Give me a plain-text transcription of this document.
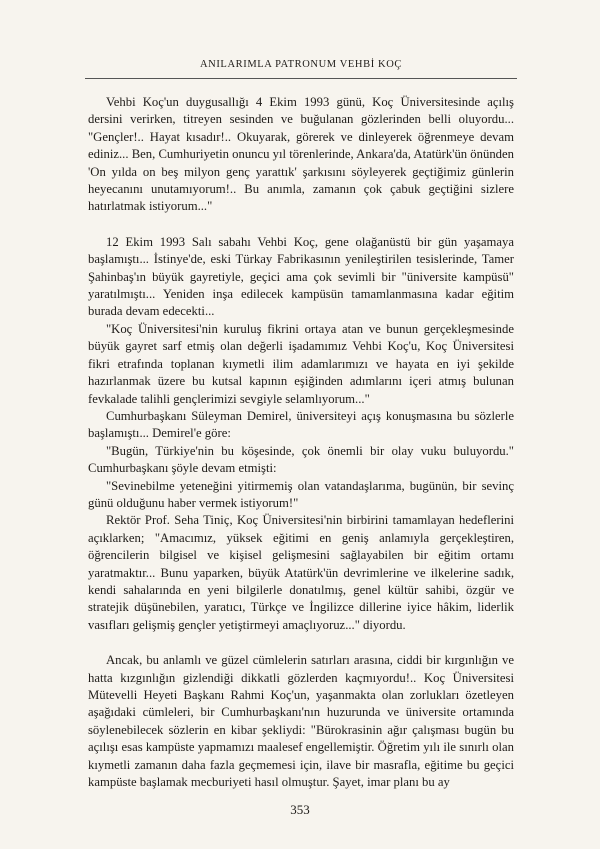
ANILARIMLA PATRONUM VEHBİ KOÇ

Vehbi Koç'un duygusallığı 4 Ekim 1993 günü, Koç Üniversitesinde açılış dersini verirken, titreyen sesinden ve buğulanan gözlerinden belli oluyordu... "Gençler!.. Hayat kısadır!.. Okuyarak, görerek ve dinleyerek öğrenmeye devam ediniz... Ben, Cumhuriyetin onuncu yıl törenlerinde, Ankara'da, Atatürk'ün önünden 'On yılda on beş milyon genç yarattık' şarkısını söyleyerek geçtiğimiz günlerin heyecanını unutamıyorum!.. Bu anımla, zamanın çok çabuk geçtiğini sizlere hatırlatmak istiyorum..."

12 Ekim 1993 Salı sabahı Vehbi Koç, gene olağanüstü bir gün yaşamaya başlamıştı... İstinye'de, eski Türkay Fabrikasının yenileştirilen tesislerinde, Tamer Şahinbaş'ın büyük gayretiyle, geçici ama çok sevimli bir "üniversite kampüsü" yaratılmıştı... Yeniden inşa edilecek kampüsün tamamlanmasına kadar eğitim burada devam edecekti...

"Koç Üniversitesi'nin kuruluş fikrini ortaya atan ve bunun gerçekleşmesinde büyük gayret sarf etmiş olan değerli işadamımız Vehbi Koç'u, Koç Üniversitesi fikri etrafında toplanan kıymetli ilim adamlarımızı ve hayata en iyi şekilde hazırlanmak üzere bu kutsal kapının eşiğinden adımlarını içeri atmış bulunan fevkalade talihli gençlerimizi sevgiyle selamlıyorum..."

Cumhurbaşkanı Süleyman Demirel, üniversiteyi açış konuşmasına bu sözlerle başlamıştı... Demirel'e göre:

"Bugün, Türkiye'nin bu köşesinde, çok önemli bir olay vuku buluyordu." Cumhurbaşkanı şöyle devam etmişti:

"Sevinebilme yeteneğini yitirmemiş olan vatandaşlarıma, bugünün, bir sevinç günü olduğunu haber vermek istiyorum!"

Rektör Prof. Seha Tiniç, Koç Üniversitesi'nin birbirini tamamlayan hedeflerini açıklarken; "Amacımız, yüksek eğitimi en geniş anlamıyla gerçekleştiren, öğrencilerin bilgisel ve kişisel gelişmesini sağlayabilen bir eğitim ortamı yaratmaktır... Bunu yaparken, büyük Atatürk'ün devrimlerine ve ilkelerine sadık, kendi sahalarında en yeni bilgilerle donatılmış, genel kültür sahibi, özgür ve stratejik düşünebilen, yaratıcı, Türkçe ve İngilizce dillerine iyice hâkim, liderlik vasıfları gelişmiş gençler yetiştirmeyi amaçlıyoruz..." diyordu.

Ancak, bu anlamlı ve güzel cümlelerin satırları arasına, ciddi bir kırgınlığın ve hatta kızgınlığın gizlendiği dikkatli gözlerden kaçmıyordu!.. Koç Üniversitesi Mütevelli Heyeti Başkanı Rahmi Koç'un, yaşanmakta olan zorlukları özetleyen aşağıdaki cümleleri, bir Cumhurbaşkanı'nın huzurunda ve üniversite ortamında söylenebilecek sözlerin en kibar şekliydi: "Bürokrasinin ağır çalışması bugün bu açılışı esas kampüste yapmamızı maalesef engellemiştir. Öğretim yılı ile sınırlı olan kıymetli zamanın daha fazla geçmemesi için, ilave bir masrafla, eğitime bu geçici kampüste başlamak mecburiyeti hasıl olmuştur. Şayet, imar planı bu ay

353
